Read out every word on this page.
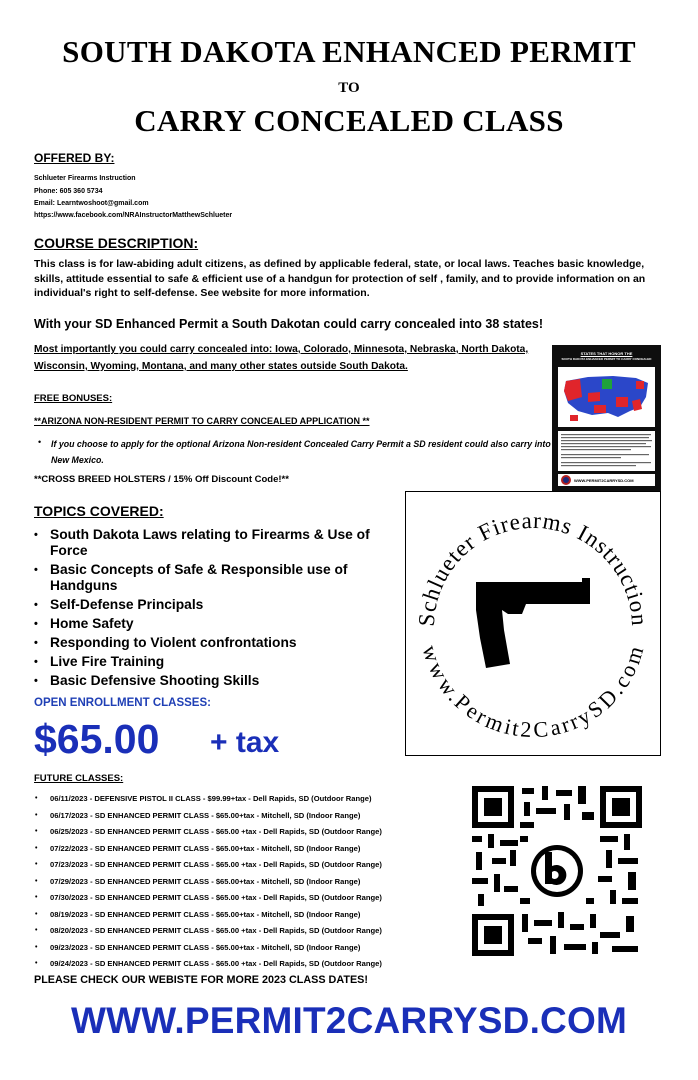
SOUTH DAKOTA ENHANCED PERMIT
TO
CARRY CONCEALED CLASS
OFFERED BY:
Schlueter Firearms Instruction
Phone: 605 360 5734
Email: Learntwoshoot@gmail.com
https://www.facebook.com/NRAInstructorMatthewSchlueter
COURSE DESCRIPTION:
This class is for law-abiding adult citizens, as defined by applicable federal, state, or local laws. Teaches basic knowledge, skills, attitude essential to safe & efficient use of a handgun for protection of self , family, and to provide information on an individual's right to self-defense. See website for more information.
With your SD Enhanced Permit a South Dakotan could carry concealed into 38 states!
Most importantly you could carry concealed into: Iowa, Colorado, Minnesota, Nebraska, North Dakota, Wisconsin, Wyoming, Montana, and many other states outside South Dakota.
STATES THAT HONOR THE
SOUTH DAKOTA ENHANCED PERMIT TO CARRY CONCEALED
WWW.PERMIT2CARRYSD.COM
FREE BONUSES:
**ARIZONA NON-RESIDENT PERMIT TO CARRY CONCEALED APPLICATION **
• If you choose to apply for the optional Arizona Non-resident Concealed Carry Permit a SD resident could also carry into New Mexico.
**CROSS BREED HOLSTERS / 15% Off Discount Code!**
TOPICS COVERED:
• South Dakota Laws relating to Firearms & Use of Force
• Basic Concepts of Safe & Responsible use of Handguns
• Self-Defense Principals
• Home Safety
• Responding to Violent confrontations
• Live Fire Training
• Basic Defensive Shooting Skills
Schlueter Firearms Instruction
www.Permit2CarrySD.com
OPEN ENROLLMENT CLASSES:
$65.00 + tax
FUTURE CLASSES:
• 06/11/2023 - DEFENSIVE PISTOL II CLASS - $99.99+tax - Dell Rapids, SD (Outdoor Range)
• 06/17/2023 - SD ENHANCED PERMIT CLASS - $65.00+tax - Mitchell, SD (Indoor Range)
• 06/25/2023 - SD ENHANCED PERMIT CLASS - $65.00 +tax - Dell Rapids, SD (Outdoor Range)
• 07/22/2023 - SD ENHANCED PERMIT CLASS - $65.00+tax - Mitchell, SD (Indoor Range)
• 07/23/2023 - SD ENHANCED PERMIT CLASS - $65.00 +tax - Dell Rapids, SD (Outdoor Range)
• 07/29/2023 - SD ENHANCED PERMIT CLASS - $65.00+tax - Mitchell, SD (Indoor Range)
• 07/30/2023 - SD ENHANCED PERMIT CLASS - $65.00 +tax - Dell Rapids, SD (Outdoor Range)
• 08/19/2023 - SD ENHANCED PERMIT CLASS - $65.00+tax - Mitchell, SD (Indoor Range)
• 08/20/2023 - SD ENHANCED PERMIT CLASS - $65.00 +tax - Dell Rapids, SD (Outdoor Range)
• 09/23/2023 - SD ENHANCED PERMIT CLASS - $65.00+tax - Mitchell, SD (Indoor Range)
• 09/24/2023 - SD ENHANCED PERMIT CLASS - $65.00 +tax - Dell Rapids, SD (Outdoor Range)
PLEASE CHECK OUR WEBISTE FOR MORE 2023 CLASS DATES!
WWW.PERMIT2CARRYSD.COM
